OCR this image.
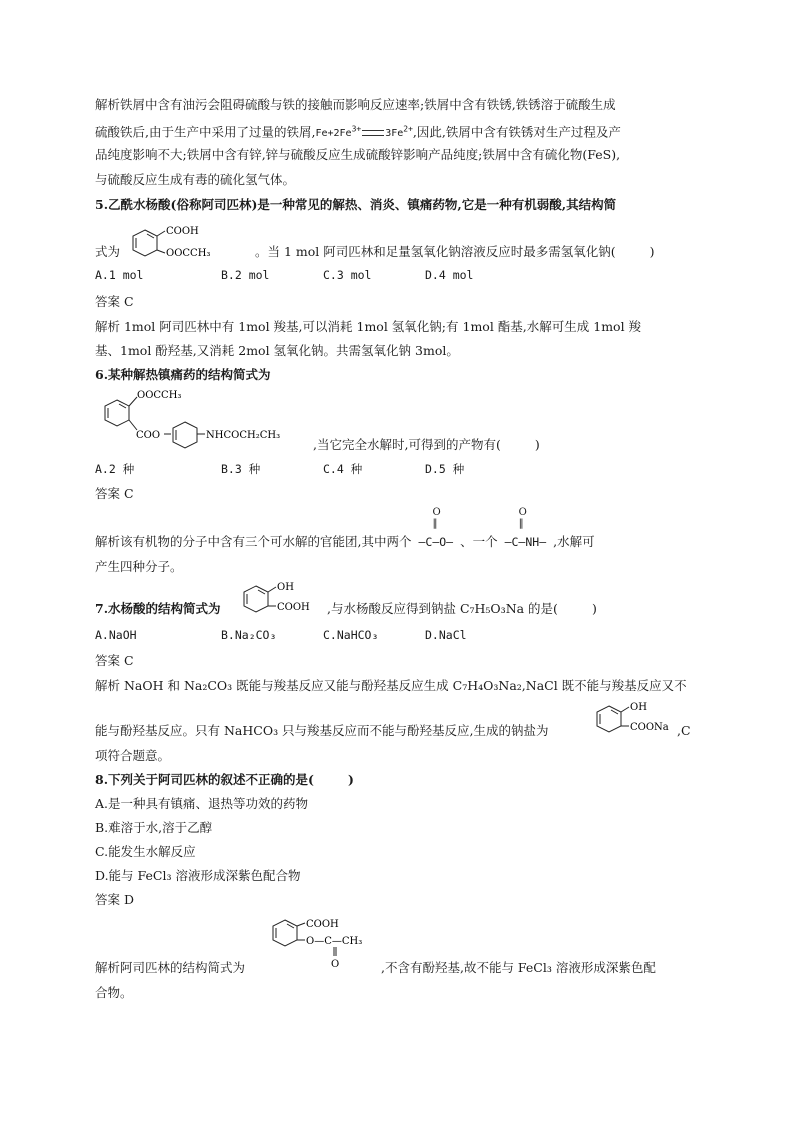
解析铁屑中含有油污会阻碍硫酸与铁的接触而影响反应速率;铁屑中含有铁锈,铁锈溶于硫酸生成
硫酸铁后,由于生产中采用了过量的铁屑$,Fe+2Fe^{3+}$ $3Fe^{2+}$,因此,铁屑中含有铁锈对生产过程及产
品纯度影响不大;铁屑中含有锌,锌与硫酸反应生成硫酸锌影响产品纯度;铁屑中含有硫化物(FeS),
与硫酸反应生成有毒的硫化氢气体。
5.乙酰水杨酸(俗称阿司匹林)是一种常见的解热、消炎、镇痛药物,它是一种有机弱酸,其结构简
式为
COOH
OOCCH₃	。当 1 mol 阿司匹林和足量氢氧化钠溶液反应时最多需氢氧化钠(	)
A.1 mol	B.2 mol	C.3 mol	D.4 mol
答案 C
解析 1mol 阿司匹林中有 1mol 羧基,可以消耗 1mol 氢氧化钠;有 1mol 酯基,水解可生成 1mol 羧
基、1mol 酚羟基,又消耗 2mol 氢氧化钠。共需氢氧化钠 3mol。
6.某种解热镇痛药的结构简式为
OOCCH₃
COO	NHCOCH₂CH₃
,当它完全水解时,可得到的产物有(	)
A.2 种	B.3 种	C.4 种	D.5 种
答案 C
解析该有机物的分子中含有三个可水解的官能团,其中两个
O
‖
—C—O— 、一个
O
‖
—C—NH— ,水解可
产生四种分子。
7.水杨酸的结构简式为
OH
COOH ,与水杨酸反应得到钠盐 C₇H₅O₃Na 的是(	)
A.NaOH	B.Na₂CO₃	C.NaHCO₃	D.NaCl
答案 C
解析 NaOH 和 Na₂CO₃ 既能与羧基反应又能与酚羟基反应生成 C₇H₄O₃Na₂,NaCl 既不能与羧基反应又不
能与酚羟基反应。只有 NaHCO₃ 只与羧基反应而不能与酚羟基反应,生成的钠盐为
OH
COONa ,C
项符合题意。
8.下列关于阿司匹林的叙述不正确的是(	)
A.是一种具有镇痛、退热等功效的药物
B.难溶于水,溶于乙醇
C.能发生水解反应
D.能与 FeCl₃ 溶液形成深紫色配合物
答案 D
COOH
O—C—CH₃
O
解析阿司匹林的结构简式为	,不含有酚羟基,故不能与 FeCl₃ 溶液形成深紫色配
合物。
